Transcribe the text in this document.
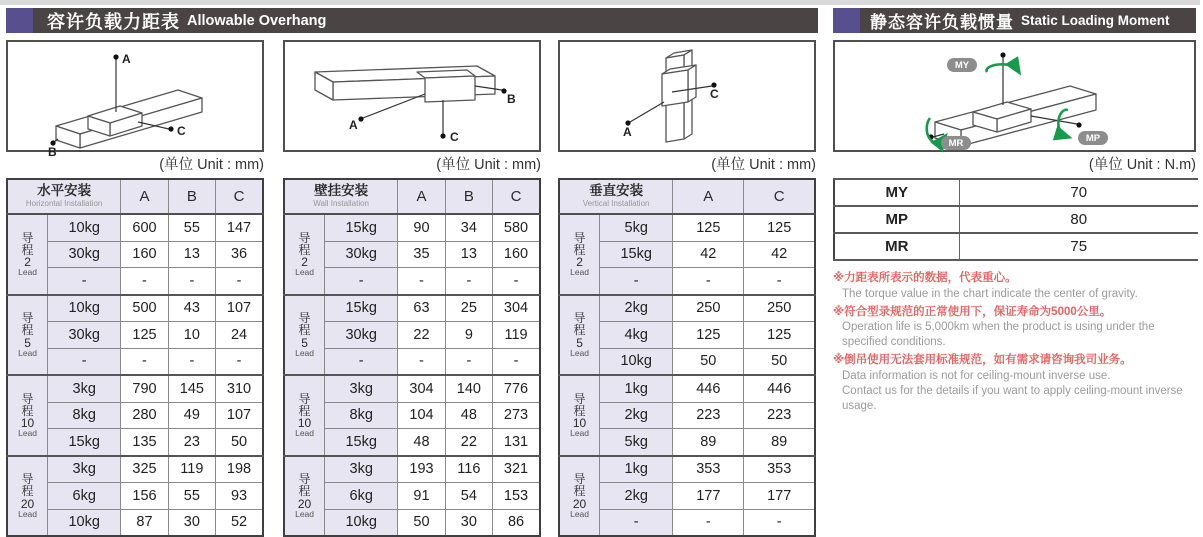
容许负载力距表 Allowable Overhang	静态容许负载惯量 Static Loading Moment
A
C
B
(单位 Unit : mm)
水平安装
Horizontal Installation		A	B	C

导
程
2
Lead	10kg	600	55	147
	30kg	160	13	36
	-	-	-	-

导
程
5
Lead	10kg	500	43	107
	30kg	125	10	24
	-	-	-	-

导
程
10
Lead	3kg	790	145	310
	8kg	280	49	107
	15kg	135	23	50

导
程
20
Lead	3kg	325	119	198
	6kg	156	55	93
	10kg	87	30	52
A
C
B
(单位 Unit : mm)
壁挂安装
Wall Installation		A	B	C

导
程
2
Lead	15kg	90	34	580
	30kg	35	13	160
	-	-	-	-

导
程
5
Lead	15kg	63	25	304
	30kg	22	9	119
	-	-	-	-

导
程
10
Lead	3kg	304	140	776
	8kg	104	48	273
	15kg	48	22	131

导
程
20
Lead	3kg	193	116	321
	6kg	91	54	153
	10kg	50	30	86
C
A
(单位 Unit : mm)
垂直安装
Vertical Installation		A	C

导
程
2
Lead	5kg	125	125
	15kg	42	42
	-	-	-

导
程
5
Lead	2kg	250	250
	4kg	125	125
	10kg	50	50

导
程
10
Lead	1kg	446	446
	2kg	223	223
	5kg	89	89

导
程
20
Lead	1kg	353	353
	2kg	177	177
	-	-	-
MY
MP
MR
(单位 Unit : N.m)
MY	70
MP	80
MR	75
※力距表所表示的数据，代表重心。
The torque value in the chart indicate the center of gravity.
※符合型录规范的正常使用下，保证寿命为5000公里。
Operation life is 5,000km when the product is using under the specified conditions.
※倒吊使用无法套用标准规范，如有需求请咨询我司业务。
Data information is not for ceiling-mount inverse use.
Contact us for the details if you want to apply ceiling-mount inverse usage.
